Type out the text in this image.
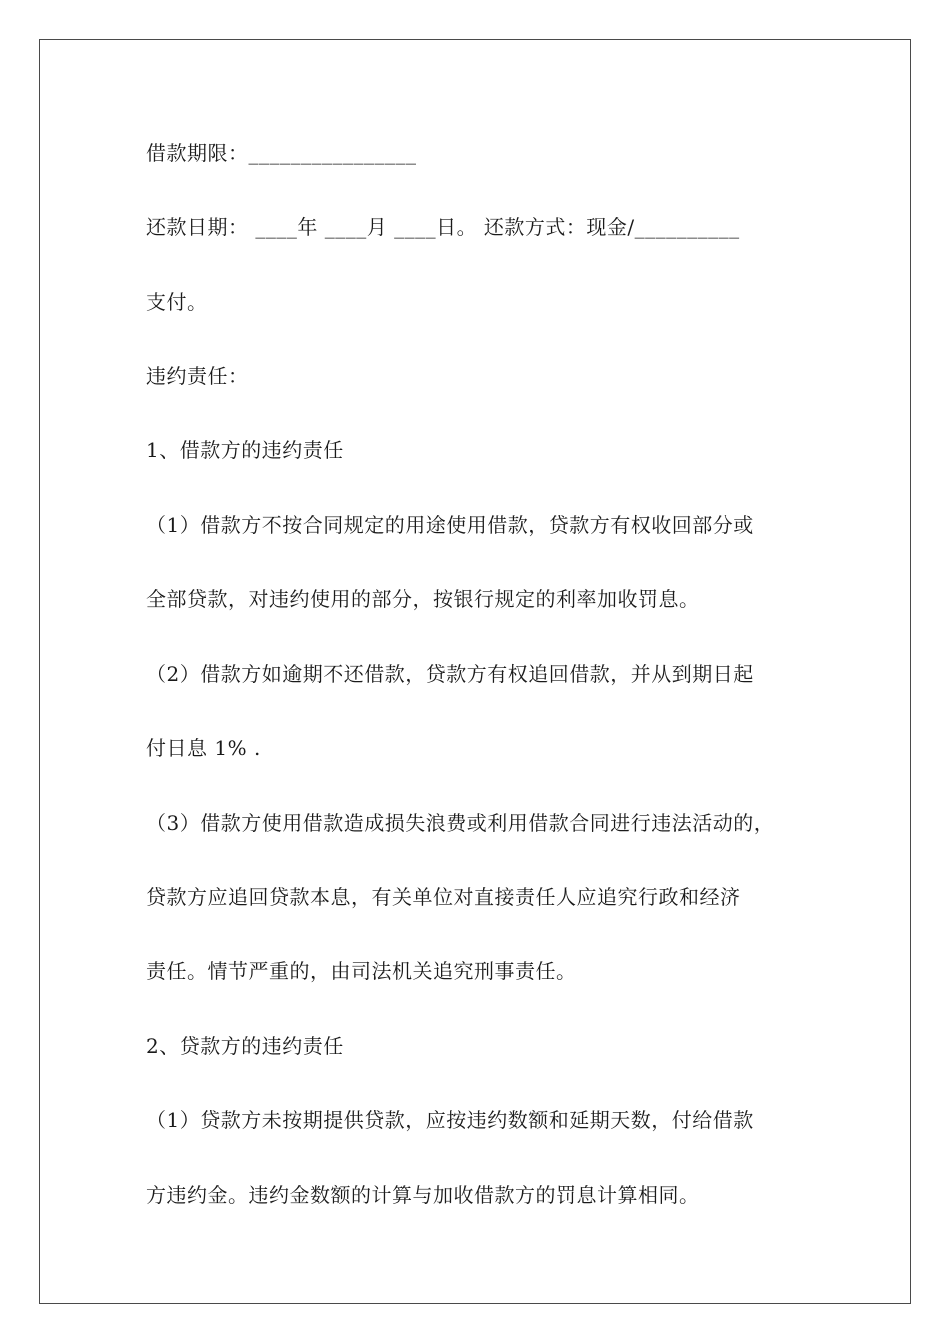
借款期限：________________
还款日期： ____年 ____月 ____日。 还款方式：现金/__________
支付。
违约责任：
1、借款方的违约责任
（1）借款方不按合同规定的用途使用借款，贷款方有权收回部分或
全部贷款，对违约使用的部分，按银行规定的利率加收罚息。
（2）借款方如逾期不还借款，贷款方有权追回借款，并从到期日起
付日息 1% .
（3）借款方使用借款造成损失浪费或利用借款合同进行违法活动的，
贷款方应追回贷款本息，有关单位对直接责任人应追究行政和经济
责任。情节严重的，由司法机关追究刑事责任。
2、贷款方的违约责任
（1）贷款方未按期提供贷款，应按违约数额和延期天数，付给借款
方违约金。违约金数额的计算与加收借款方的罚息计算相同。
